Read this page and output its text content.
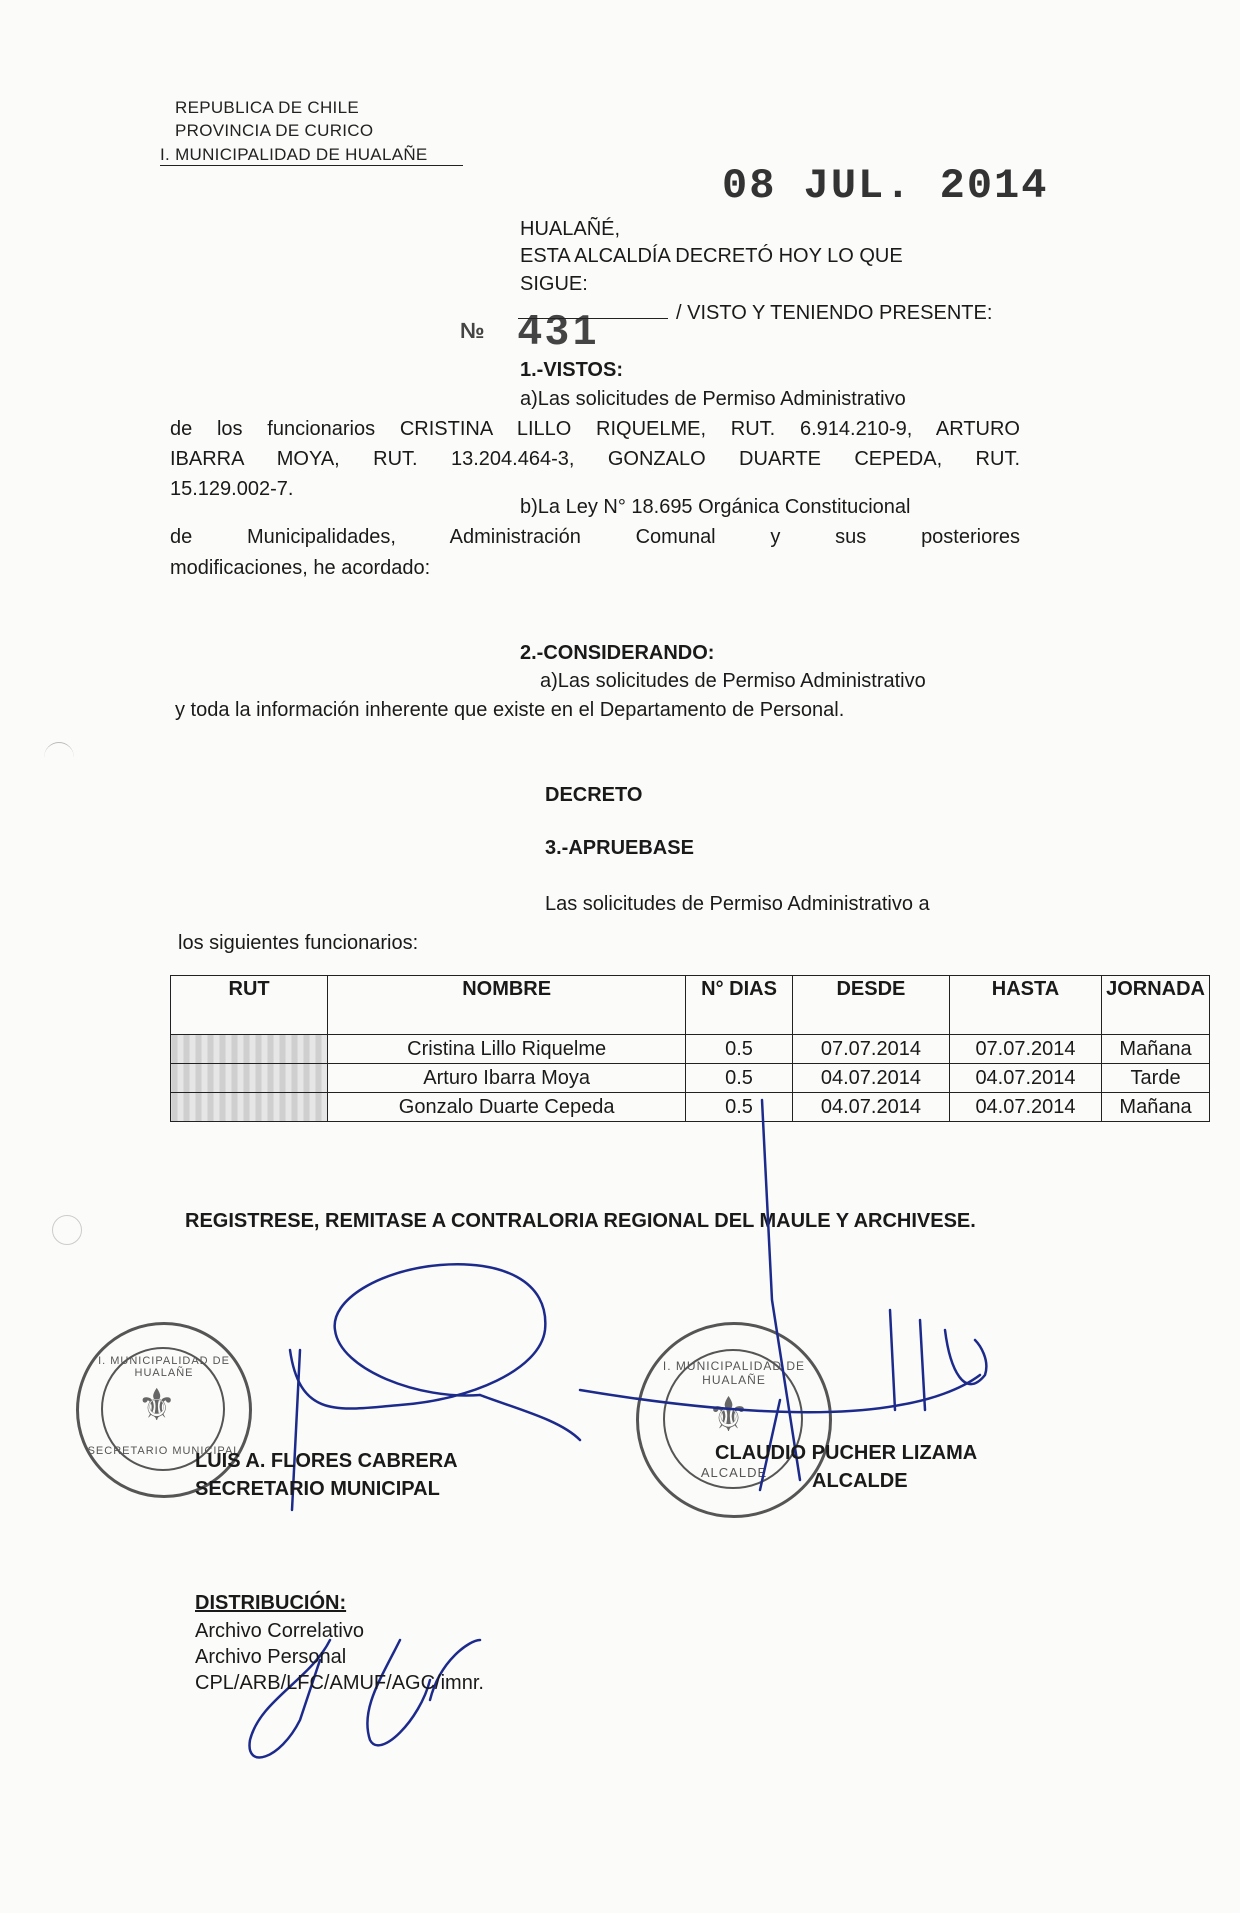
REPUBLICA DE CHILE
PROVINCIA DE CURICO
I. MUNICIPALIDAD DE HUALAÑE
08 JUL. 2014
HUALAÑÉ,
ESTA ALCALDÍA DECRETÓ HOY LO QUE
SIGUE:
№ 431	/ VISTO Y TENIENDO PRESENTE:
1.-VISTOS:
a)Las solicitudes de Permiso Administrativo
de los funcionarios CRISTINA LILLO RIQUELME, RUT. 6.914.210-9, ARTURO
IBARRA MOYA, RUT. 13.204.464-3, GONZALO DUARTE CEPEDA, RUT.
15.129.002-7.
b)La Ley N° 18.695 Orgánica Constitucional
de Municipalidades, Administración Comunal y sus posteriores
modificaciones, he acordado:
2.-CONSIDERANDO:
a)Las solicitudes de Permiso Administrativo
y toda la información inherente que existe en el Departamento de Personal.
DECRETO
3.-APRUEBASE
Las solicitudes de Permiso Administrativo a
los siguientes funcionarios:
RUT	NOMBRE	N° DIAS	DESDE	HASTA	JORNADA
	Cristina Lillo Riquelme	0.5	07.07.2014	07.07.2014	Mañana
	Arturo Ibarra Moya	0.5	04.07.2014	04.07.2014	Tarde
	Gonzalo Duarte Cepeda	0.5	04.07.2014	04.07.2014	Mañana
REGISTRESE, REMITASE A CONTRALORIA REGIONAL DEL MAULE Y ARCHIVESE.
I. MUNICIPALIDAD DE HUALAÑE
SECRETARIO MUNICIPAL
⚜
I. MUNICIPALIDAD DE HUALAÑE
ALCALDE
⚜
LUIS A. FLORES CABRERA
SECRETARIO MUNICIPAL
CLAUDIO PUCHER LIZAMA
ALCALDE
DISTRIBUCIÓN:
Archivo Correlativo
Archivo Personal
CPL/ARB/LFC/AMUF/AGC/imnr.
